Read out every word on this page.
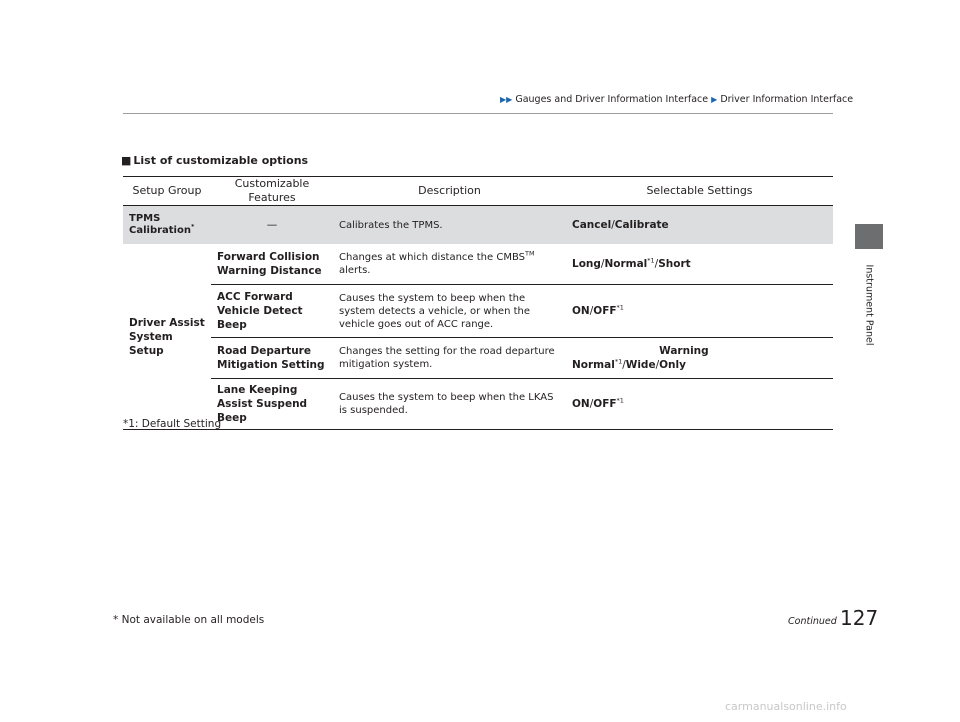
▶▶ Gauges and Driver Information Interface ▶ Driver Information Interface
Instrument Panel
■ List of customizable options
Setup Group	Customizable Features	Description	Selectable Settings
TPMS Calibration*	—	Calibrates the TPMS.	Cancel/Calibrate
Driver Assist System Setup	Forward Collision Warning Distance	Changes at which distance the CMBS™ alerts.	Long/Normal$^{*1}$/Short
	ACC Forward Vehicle Detect Beep	Causes the system to beep when the system detects a vehicle, or when the vehicle goes out of ACC range.	ON/OFF$^{*1}$
	Road Departure Mitigation Setting	Changes the setting for the road departure mitigation system.	Normal$^{*1}$/Wide/Warning Only
	Lane Keeping Assist Suspend Beep	Causes the system to beep when the LKAS is suspended.	ON/OFF$^{*1}$
*1: Default Setting
Continued 127
* Not available on all models
carmanualsonline.info
